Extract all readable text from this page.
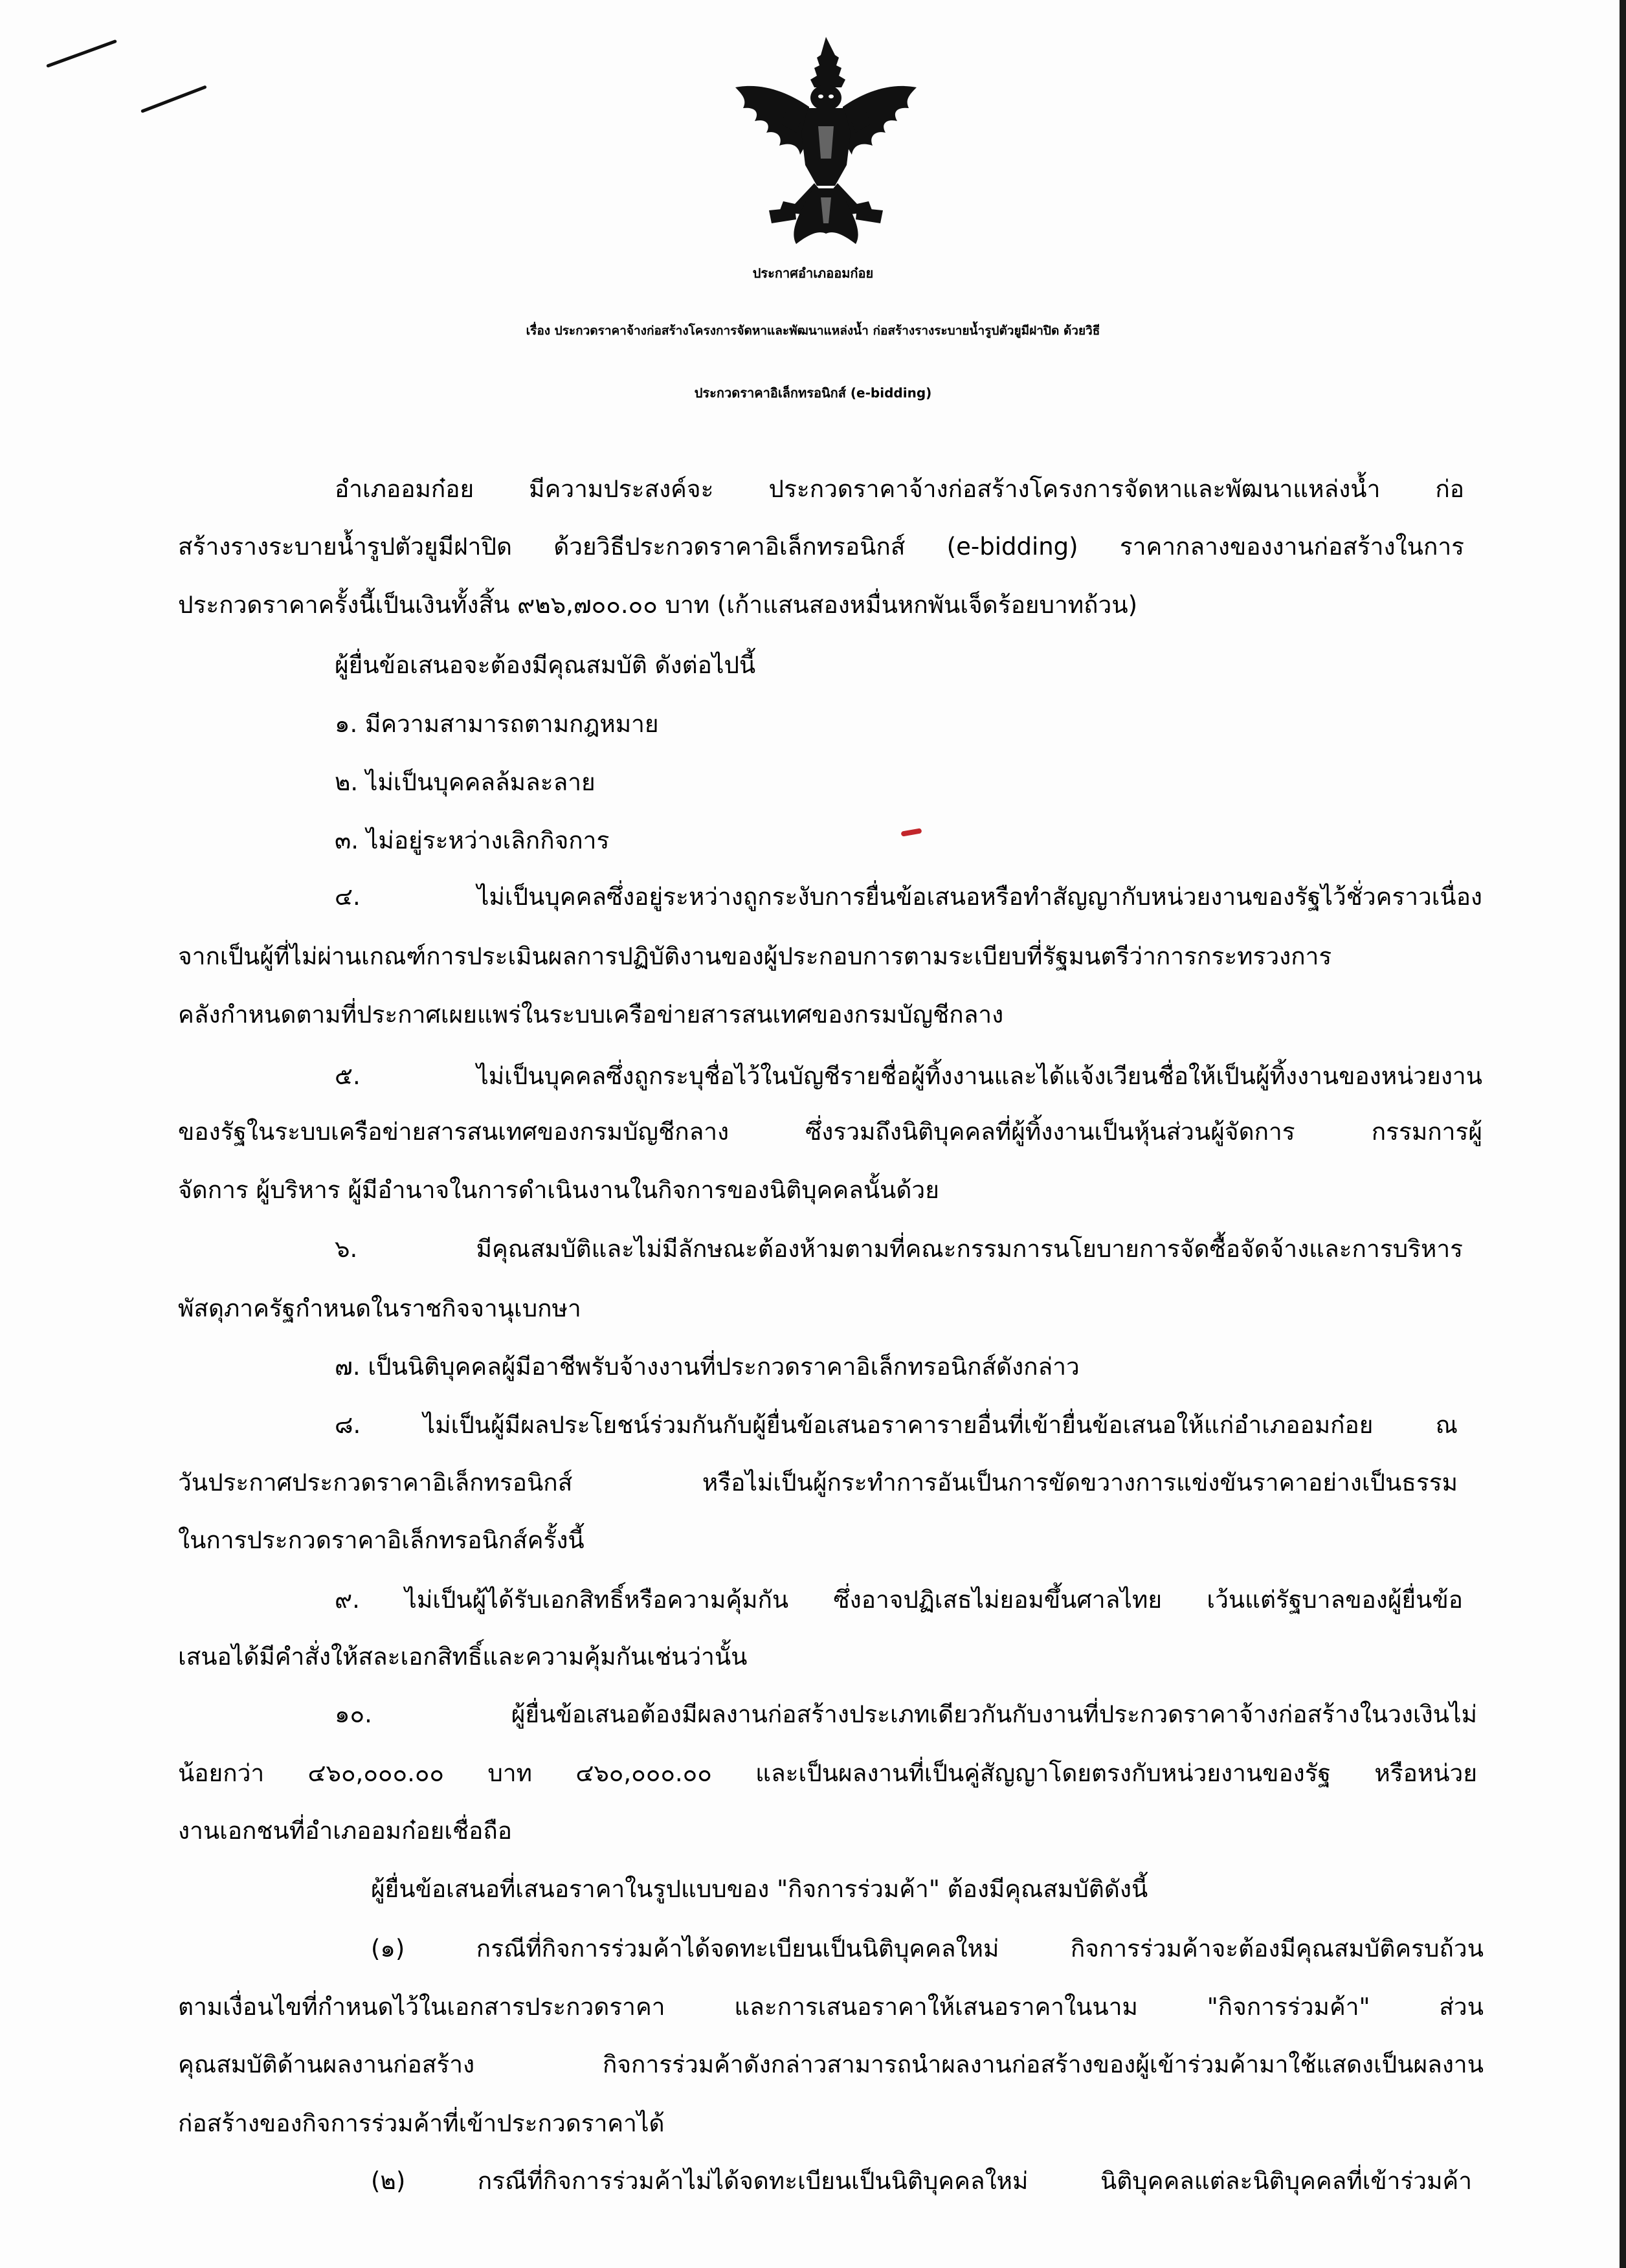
ประกาศอำเภออมก๋อย
เรื่อง ประกวดราคาจ้างก่อสร้างโครงการจัดหาและพัฒนาแหล่งน้ำ ก่อสร้างรางระบายน้ำรูปตัวยูมีฝาปิด ด้วยวิธี
ประกวดราคาอิเล็กทรอนิกส์ (e-bidding)
อำเภออมก๋อย มีความประสงค์จะ ประกวดราคาจ้างก่อสร้างโครงการจัดหาและพัฒนาแหล่งน้ำ ก่อ
สร้างรางระบายน้ำรูปตัวยูมีฝาปิด ด้วยวิธีประกวดราคาอิเล็กทรอนิกส์ (e-bidding) ราคากลางของงานก่อสร้างในการ
ประกวดราคาครั้งนี้เป็นเงินทั้งสิ้น ๙๒๖,๗๐๐.๐๐ บาท (เก้าแสนสองหมื่นหกพันเจ็ดร้อยบาทถ้วน)
ผู้ยื่นข้อเสนอจะต้องมีคุณสมบัติ ดังต่อไปนี้
๑. มีความสามารถตามกฎหมาย
๒. ไม่เป็นบุคคลล้มละลาย
๓. ไม่อยู่ระหว่างเลิกกิจการ
๔. ไม่เป็นบุคคลซึ่งอยู่ระหว่างถูกระงับการยื่นข้อเสนอหรือทำสัญญากับหน่วยงานของรัฐไว้ชั่วคราวเนื่อง
จากเป็นผู้ที่ไม่ผ่านเกณฑ์การประเมินผลการปฏิบัติงานของผู้ประกอบการตามระเบียบที่รัฐมนตรีว่าการกระทรวงการ
คลังกำหนดตามที่ประกาศเผยแพร่ในระบบเครือข่ายสารสนเทศของกรมบัญชีกลาง
๕. ไม่เป็นบุคคลซึ่งถูกระบุชื่อไว้ในบัญชีรายชื่อผู้ทิ้งงานและได้แจ้งเวียนชื่อให้เป็นผู้ทิ้งงานของหน่วยงาน
ของรัฐในระบบเครือข่ายสารสนเทศของกรมบัญชีกลาง ซึ่งรวมถึงนิติบุคคลที่ผู้ทิ้งงานเป็นหุ้นส่วนผู้จัดการ กรรมการผู้
จัดการ ผู้บริหาร ผู้มีอำนาจในการดำเนินงานในกิจการของนิติบุคคลนั้นด้วย
๖. มีคุณสมบัติและไม่มีลักษณะต้องห้ามตามที่คณะกรรมการนโยบายการจัดซื้อจัดจ้างและการบริหาร
พัสดุภาครัฐกำหนดในราชกิจจานุเบกษา
๗. เป็นนิติบุคคลผู้มีอาชีพรับจ้างงานที่ประกวดราคาอิเล็กทรอนิกส์ดังกล่าว
๘. ไม่เป็นผู้มีผลประโยชน์ร่วมกันกับผู้ยื่นข้อเสนอราคารายอื่นที่เข้ายื่นข้อเสนอให้แก่อำเภออมก๋อย ณ
วันประกาศประกวดราคาอิเล็กทรอนิกส์ หรือไม่เป็นผู้กระทำการอันเป็นการขัดขวางการแข่งขันราคาอย่างเป็นธรรม
ในการประกวดราคาอิเล็กทรอนิกส์ครั้งนี้
๙. ไม่เป็นผู้ได้รับเอกสิทธิ์หรือความคุ้มกัน ซึ่งอาจปฏิเสธไม่ยอมขึ้นศาลไทย เว้นแต่รัฐบาลของผู้ยื่นข้อ
เสนอได้มีคำสั่งให้สละเอกสิทธิ์และความคุ้มกันเช่นว่านั้น
๑๐. ผู้ยื่นข้อเสนอต้องมีผลงานก่อสร้างประเภทเดียวกันกับงานที่ประกวดราคาจ้างก่อสร้างในวงเงินไม่
น้อยกว่า ๔๖๐,๐๐๐.๐๐ บาท ๔๖๐,๐๐๐.๐๐ และเป็นผลงานที่เป็นคู่สัญญาโดยตรงกับหน่วยงานของรัฐ หรือหน่วย
งานเอกชนที่อำเภออมก๋อยเชื่อถือ
ผู้ยื่นข้อเสนอที่เสนอราคาในรูปแบบของ "กิจการร่วมค้า" ต้องมีคุณสมบัติดังนี้
(๑) กรณีที่กิจการร่วมค้าได้จดทะเบียนเป็นนิติบุคคลใหม่ กิจการร่วมค้าจะต้องมีคุณสมบัติครบถ้วน
ตามเงื่อนไขที่กำหนดไว้ในเอกสารประกวดราคา และการเสนอราคาให้เสนอราคาในนาม "กิจการร่วมค้า" ส่วน
คุณสมบัติด้านผลงานก่อสร้าง กิจการร่วมค้าดังกล่าวสามารถนำผลงานก่อสร้างของผู้เข้าร่วมค้ามาใช้แสดงเป็นผลงาน
ก่อสร้างของกิจการร่วมค้าที่เข้าประกวดราคาได้
(๒) กรณีที่กิจการร่วมค้าไม่ได้จดทะเบียนเป็นนิติบุคคลใหม่ นิติบุคคลแต่ละนิติบุคคลที่เข้าร่วมค้า
